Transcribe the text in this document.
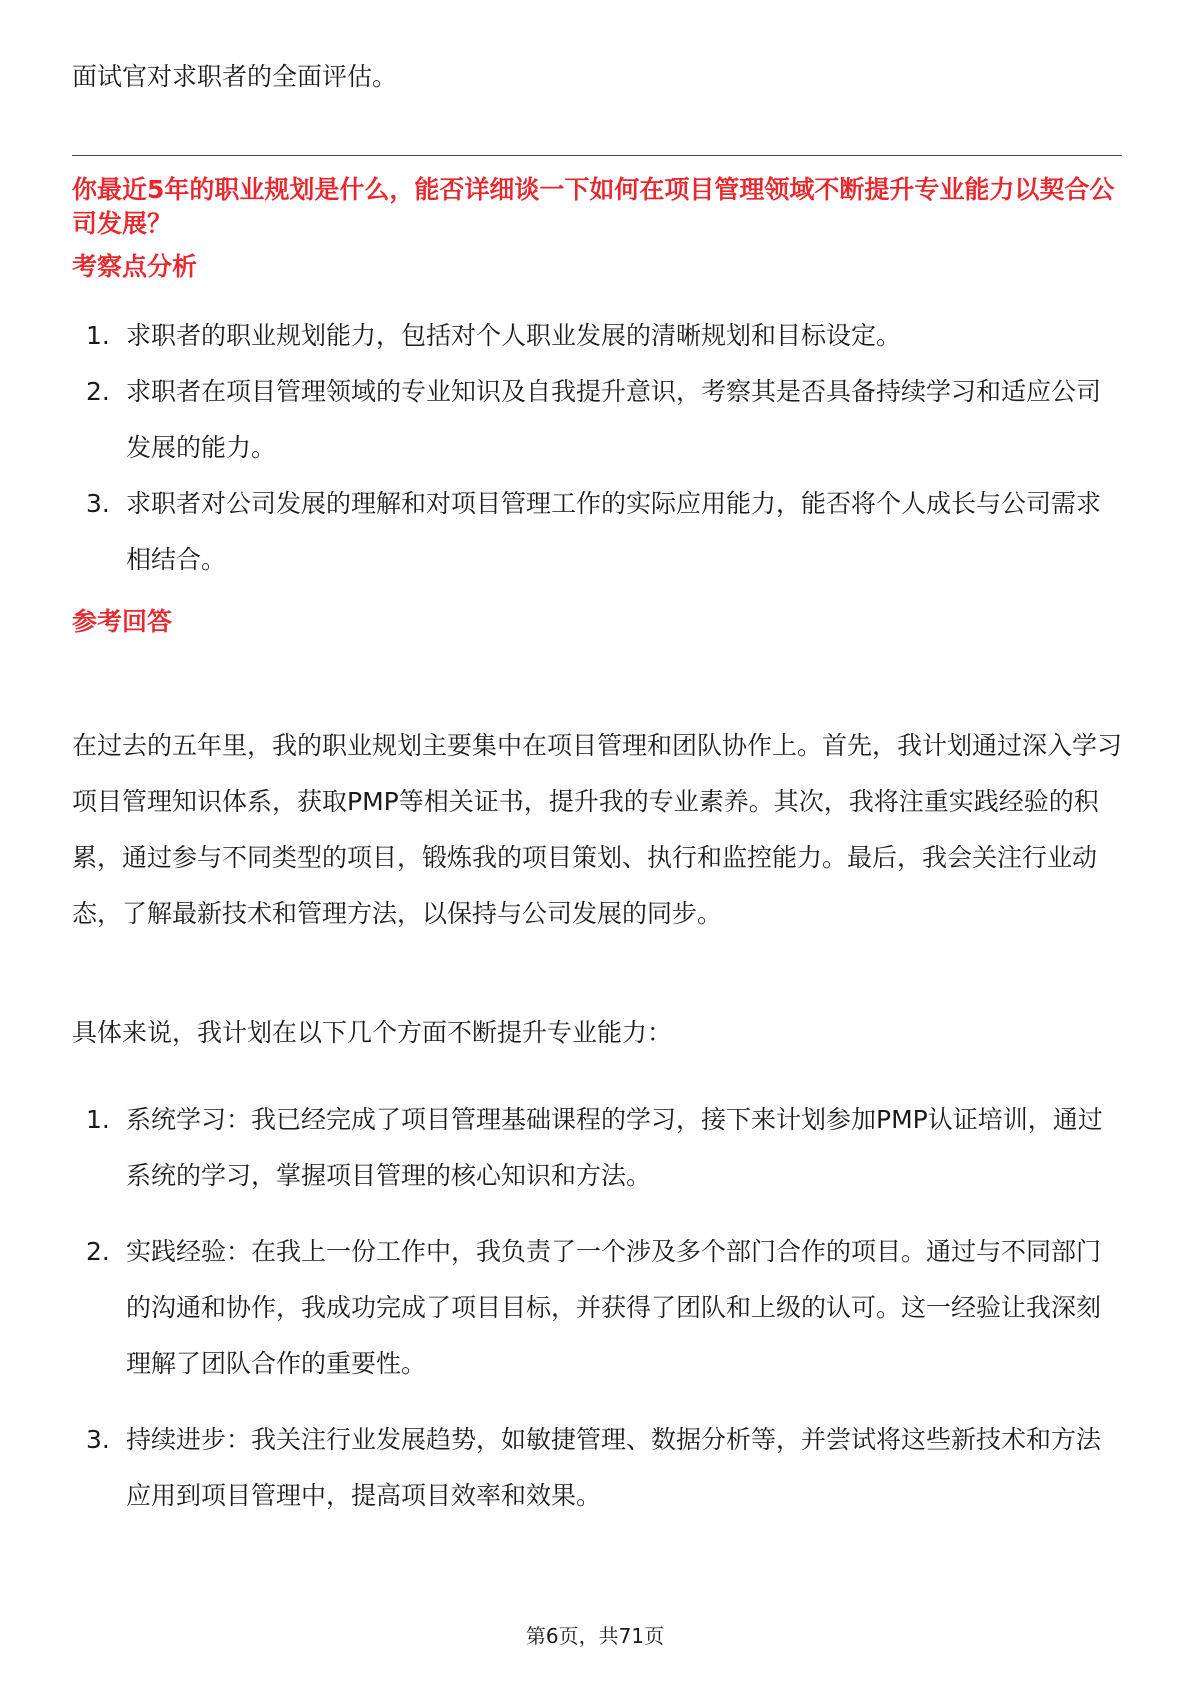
面试官对求职者的全面评估。
你最近5年的职业规划是什么，能否详细谈一下如何在项目管理领域不断提升专业能力以契合公司发展？
考察点分析
1. 求职者的职业规划能力，包括对个人职业发展的清晰规划和目标设定。
2. 求职者在项目管理领域的专业知识及自我提升意识，考察其是否具备持续学习和适应公司发展的能力。
3. 求职者对公司发展的理解和对项目管理工作的实际应用能力，能否将个人成长与公司需求相结合。
参考回答
在过去的五年里，我的职业规划主要集中在项目管理和团队协作上。首先，我计划通过深入学习项目管理知识体系，获取PMP等相关证书，提升我的专业素养。其次，我将注重实践经验的积累，通过参与不同类型的项目，锻炼我的项目策划、执行和监控能力。最后，我会关注行业动态，了解最新技术和管理方法，以保持与公司发展的同步。
具体来说，我计划在以下几个方面不断提升专业能力：
1. 系统学习：我已经完成了项目管理基础课程的学习，接下来计划参加PMP认证培训，通过系统的学习，掌握项目管理的核心知识和方法。
2. 实践经验：在我上一份工作中，我负责了一个涉及多个部门合作的项目。通过与不同部门的沟通和协作，我成功完成了项目目标，并获得了团队和上级的认可。这一经验让我深刻理解了团队合作的重要性。
3. 持续进步：我关注行业发展趋势，如敏捷管理、数据分析等，并尝试将这些新技术和方法应用到项目管理中，提高项目效率和效果。
第6页，共71页
